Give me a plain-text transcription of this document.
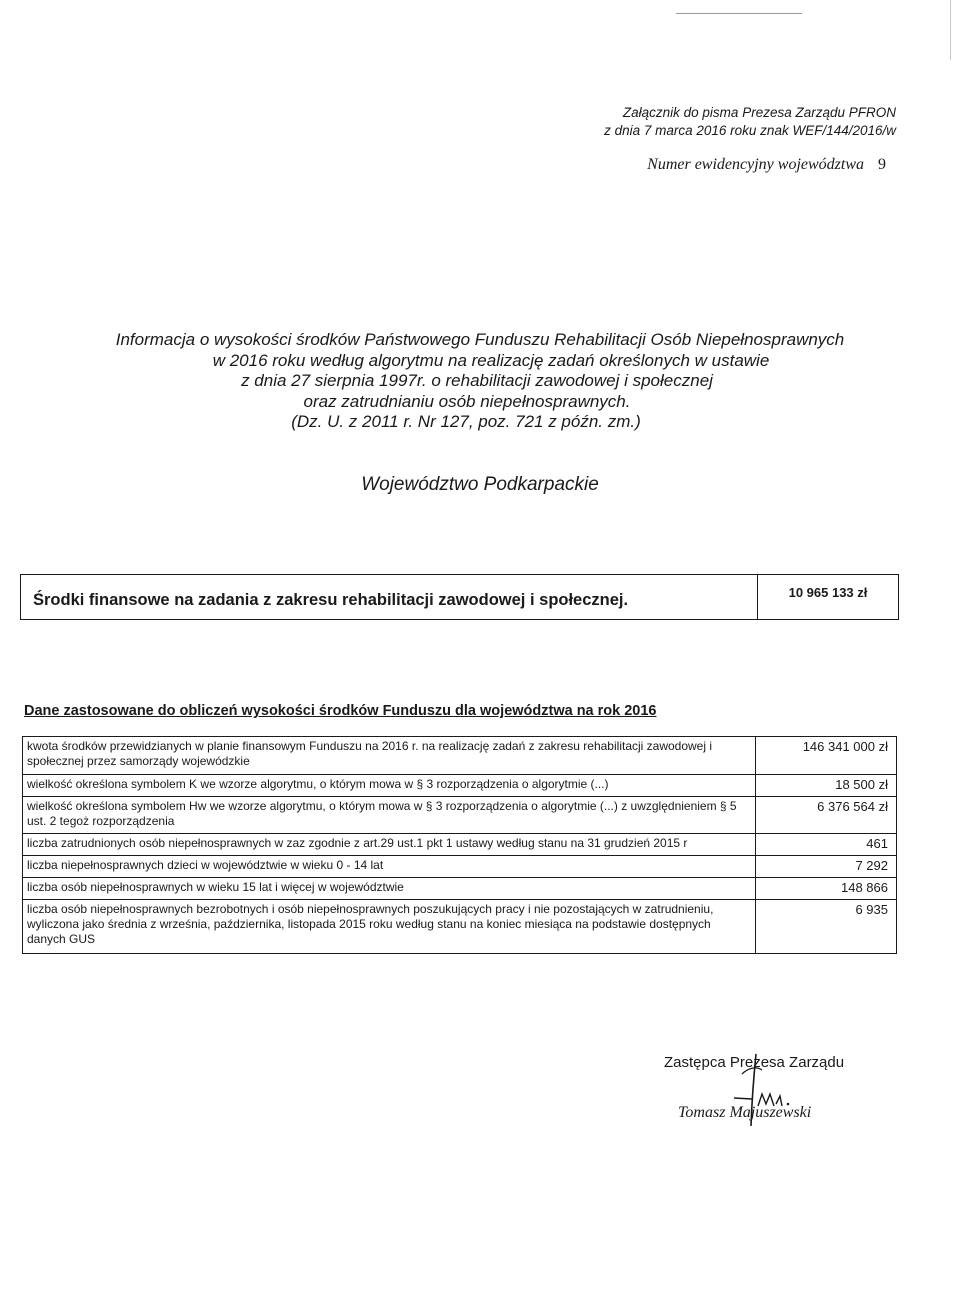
Załącznik do pisma Prezesa Zarządu PFRON
z dnia 7 marca 2016 roku znak WEF/144/2016/w
Numer ewidencyjny województwa 9
Informacja o wysokości środków Państwowego Funduszu Rehabilitacji Osób Niepełnosprawnych
w 2016 roku według algorytmu na realizację zadań określonych w ustawie
z dnia 27 sierpnia 1997r. o rehabilitacji zawodowej i społecznej
oraz zatrudnianiu osób niepełnosprawnych.
(Dz. U. z 2011 r. Nr 127, poz. 721 z późn. zm.)
Województwo Podkarpackie
Środki finansowe na zadania z zakresu rehabilitacji zawodowej i społecznej.	10 965 133 zł
Dane zastosowane do obliczeń wysokości środków Funduszu dla województwa na rok 2016
kwota środków przewidzianych w planie finansowym Funduszu na 2016 r. na realizację zadań z zakresu rehabilitacji zawodowej i społecznej przez samorządy wojewódzkie	146 341 000 zł
wielkość określona symbolem K we wzorze algorytmu, o którym mowa w § 3 rozporządzenia o algorytmie (...)	18 500 zł
wielkość określona symbolem Hw we wzorze algorytmu, o którym mowa w § 3 rozporządzenia o algorytmie (...) z uwzględnieniem § 5 ust. 2 tegoż rozporządzenia	6 376 564 zł
liczba zatrudnionych osób niepełnosprawnych w zaz zgodnie z art.29 ust.1 pkt 1 ustawy według stanu na 31 grudzień 2015 r	461
liczba niepełnosprawnych dzieci w województwie w wieku 0 - 14 lat	7 292
liczba osób niepełnosprawnych w wieku 15 lat i więcej w województwie	148 866
liczba osób niepełnosprawnych bezrobotnych i osób niepełnosprawnych poszukujących pracy i nie pozostających w zatrudnieniu, wyliczona jako średnia z września, października, listopada 2015 roku według stanu na koniec miesiąca na podstawie dostępnych danych GUS	6 935
Zastępca Prezesa Zarządu
Tomasz Majuszewski
